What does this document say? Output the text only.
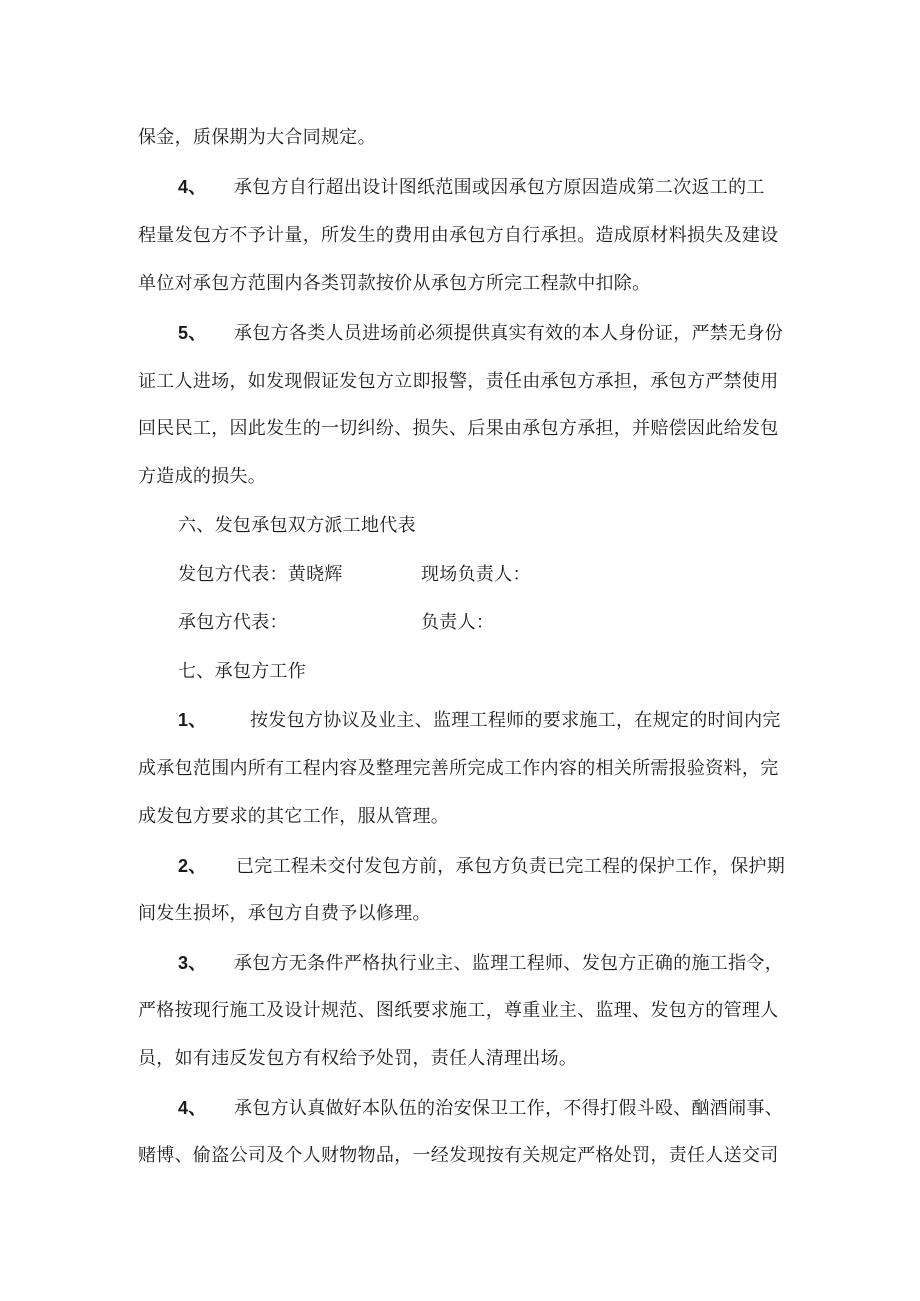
保金，质保期为大合同规定。
4、 承包方自行超出设计图纸范围或因承包方原因造成第二次返工的工
程量发包方不予计量，所发生的费用由承包方自行承担。造成原材料损失及建设
单位对承包方范围内各类罚款按价从承包方所完工程款中扣除。
5、 承包方各类人员进场前必须提供真实有效的本人身份证，严禁无身份
证工人进场，如发现假证发包方立即报警，责任由承包方承担，承包方严禁使用
回民民工，因此发生的一切纠纷、损失、后果由承包方承担，并赔偿因此给发包
方造成的损失。
六、发包承包双方派工地代表
发包方代表：黄晓辉	现场负责人：
承包方代表：	负责人：
七、承包方工作
1、 按发包方协议及业主、监理工程师的要求施工，在规定的时间内完
成承包范围内所有工程内容及整理完善所完成工作内容的相关所需报验资料，完
成发包方要求的其它工作，服从管理。
2、 已完工程未交付发包方前，承包方负责已完工程的保护工作，保护期
间发生损坏，承包方自费予以修理。
3、 承包方无条件严格执行业主、监理工程师、发包方正确的施工指令，
严格按现行施工及设计规范、图纸要求施工，尊重业主、监理、发包方的管理人
员，如有违反发包方有权给予处罚，责任人清理出场。
4、 承包方认真做好本队伍的治安保卫工作，不得打假斗殴、酗酒闹事、
赌博、偷盗公司及个人财物物品，一经发现按有关规定严格处罚，责任人送交司
